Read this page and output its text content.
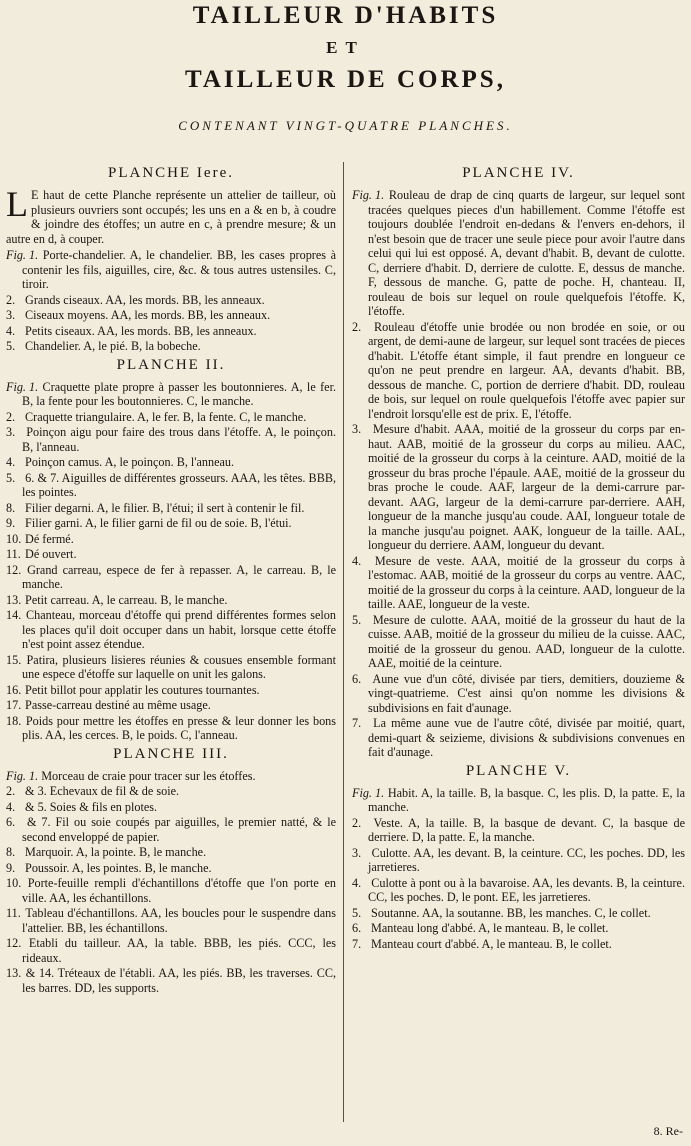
TAILLEUR D'HABITS
ET
TAILLEUR DE CORPS,
CONTENANT VINGT-QUATRE PLANCHES.
PLANCHE Iere.

L E haut de cette Planche représente un attelier de tailleur, où plusieurs ouvriers sont occupés; les uns en a & en b, à coudre & joindre des étoffes; un autre en c, à prendre mesure; & un autre en d, à couper.

Fig. 1. Porte-chandelier. A, le chandelier. BB, les cases propres à contenir les fils, aiguilles, cire, &c. & tous autres ustensiles. C, tiroir.

2. Grands ciseaux. AA, les mords. BB, les anneaux.

3. Ciseaux moyens. AA, les mords. BB, les anneaux.

4. Petits ciseaux. AA, les mords. BB, les anneaux.

5. Chandelier. A, le pié. B, la bobeche.

PLANCHE II.

Fig. 1. Craquette plate propre à passer les boutonnieres. A, le fer. B, la fente pour les boutonnieres. C, le manche.

2. Craquette triangulaire. A, le fer. B, la fente. C, le manche.

3. Poinçon aigu pour faire des trous dans l'étoffe. A, le poinçon. B, l'anneau.

4. Poinçon camus. A, le poinçon. B, l'anneau.

5. 6. & 7. Aiguilles de différentes grosseurs. AAA, les têtes. BBB, les pointes.

8. Filier degarni. A, le filier. B, l'étui; il sert à contenir le fil.

9. Filier garni. A, le filier garni de fil ou de soie. B, l'étui.

10. Dé fermé.

11. Dé ouvert.

12. Grand carreau, espece de fer à repasser. A, le carreau. B, le manche.

13. Petit carreau. A, le carreau. B, le manche.

14. Chanteau, morceau d'étoffe qui prend différentes formes selon les places qu'il doit occuper dans un habit, lorsque cette étoffe n'est point assez étendue.

15. Patira, plusieurs lisieres réunies & cousues ensemble formant une espece d'étoffe sur laquelle on unit les galons.

16. Petit billot pour applatir les coutures tournantes.

17. Passe-carreau destiné au même usage.

18. Poids pour mettre les étoffes en presse & leur donner les bons plis. AA, les cerces. B, le poids. C, l'anneau.

PLANCHE III.

Fig. 1. Morceau de craie pour tracer sur les étoffes.

2. & 3. Echevaux de fil & de soie.

4. & 5. Soies & fils en plotes.

6. & 7. Fil ou soie coupés par aiguilles, le premier natté, & le second enveloppé de papier.

8. Marquoir. A, la pointe. B, le manche.

9. Poussoir. A, les pointes. B, le manche.

10. Porte-feuille rempli d'échantillons d'étoffe que l'on porte en ville. AA, les échantillons.

11. Tableau d'échantillons. AA, les boucles pour le suspendre dans l'attelier. BB, les échantillons.

12. Etabli du tailleur. AA, la table. BBB, les piés. CCC, les rideaux.

13. & 14. Tréteaux de l'établi. AA, les piés. BB, les traverses. CC, les barres. DD, les supports.

PLANCHE IV.

Fig. 1. Rouleau de drap de cinq quarts de largeur, sur lequel sont tracées quelques pieces d'un habillement. Comme l'étoffe est toujours doublée l'endroit en-dedans & l'envers en-dehors, il n'est besoin que de tracer une seule piece pour avoir l'autre dans celui qui lui est opposé. A, devant d'habit. B, devant de culotte. C, derriere d'habit. D, derriere de culotte. E, dessus de manche. F, dessous de manche. G, patte de poche. H, chanteau. II, rouleau de bois sur lequel on roule quelquefois l'étoffe. K, l'étoffe.

2. Rouleau d'étoffe unie brodée ou non brodée en soie, or ou argent, de demi-aune de largeur, sur lequel sont tracées de pieces d'habit. L'étoffe étant simple, il faut prendre en longueur ce qu'on ne peut prendre en largeur. AA, devants d'habit. BB, dessous de manche. C, portion de derriere d'habit. DD, rouleau de bois, sur lequel on roule quelquefois l'étoffe avec papier sur l'endroit lorsqu'elle est de prix. E, l'étoffe.

3. Mesure d'habit. AAA, moitié de la grosseur du corps par en-haut. AAB, moitié de la grosseur du corps au milieu. AAC, moitié de la grosseur du corps à la ceinture. AAD, moitié de la grosseur du bras proche l'épaule. AAE, moitié de la grosseur du bras proche le coude. AAF, largeur de la demi-carrure par-devant. AAG, largeur de la demi-carrure par-derriere. AAH, longueur de la manche jusqu'au coude. AAI, longueur totale de la manche jusqu'au poignet. AAK, longueur de la taille. AAL, longueur du derriere. AAM, longueur du devant.

4. Mesure de veste. AAA, moitié de la grosseur du corps à l'estomac. AAB, moitié de la grosseur du corps au ventre. AAC, moitié de la grosseur du corps à la ceinture. AAD, longueur de la taille. AAE, longueur de la veste.

5. Mesure de culotte. AAA, moitié de la grosseur du haut de la cuisse. AAB, moitié de la grosseur du milieu de la cuisse. AAC, moitié de la grosseur du genou. AAD, longueur de la culotte. AAE, moitié de la ceinture.

6. Aune vue d'un côté, divisée par tiers, demitiers, douzieme & vingt-quatrieme. C'est ainsi qu'on nomme les divisions & subdivisions en fait d'aunage.

7. La même aune vue de l'autre côté, divisée par moitié, quart, demi-quart & seizieme, divisions & subdivisions convenues en fait d'aunage.

PLANCHE V.

Fig. 1. Habit. A, la taille. B, la basque. C, les plis. D, la patte. E, la manche.

2. Veste. A, la taille. B, la basque de devant. C, la basque de derriere. D, la patte. E, la manche.

3. Culotte. AA, les devant. B, la ceinture. CC, les poches. DD, les jarretieres.

4. Culotte à pont ou à la bavaroise. AA, les devants. B, la ceinture. CC, les poches. D, le pont. EE, les jarretieres.

5. Soutanne. AA, la soutanne. BB, les manches. C, le collet.

6. Manteau long d'abbé. A, le manteau. B, le collet.

7. Manteau court d'abbé. A, le manteau. B, le collet.

8. Re-
